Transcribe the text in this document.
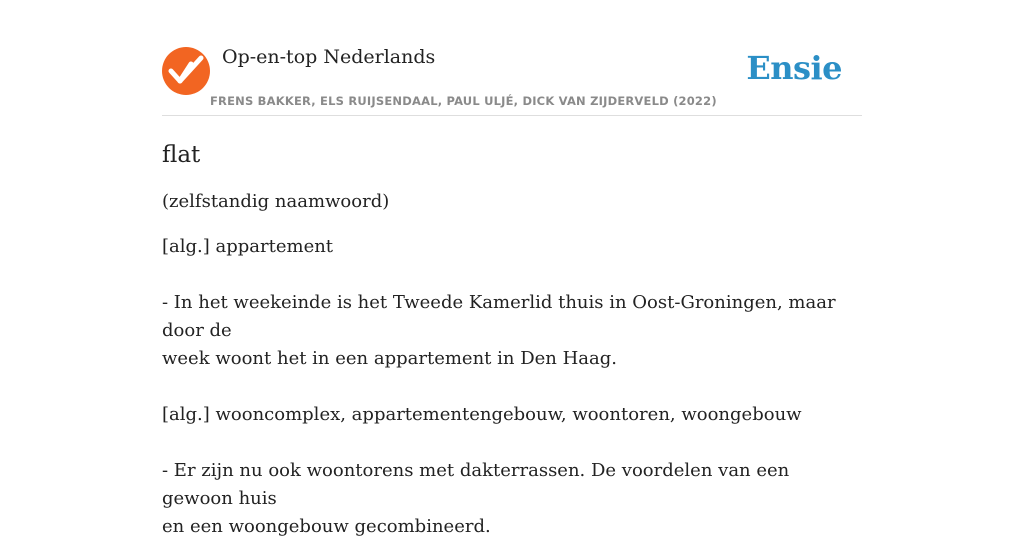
Op-en-top Nederlands
FRENS BAKKER, ELS RUIJSENDAAL, PAUL ULJÉ, DICK VAN ZIJDERVELD (2022)
Ensie
flat
(zelfstandig naamwoord)
[alg.] appartement
- In het weekeinde is het Tweede Kamerlid thuis in Oost-Groningen, maar door de
week woont het in een appartement in Den Haag.
[alg.] wooncomplex, appartementengebouw, woontoren, woongebouw
- Er zijn nu ook woontorens met dakterrassen. De voordelen van een gewoon huis
en een woongebouw gecombineerd.
